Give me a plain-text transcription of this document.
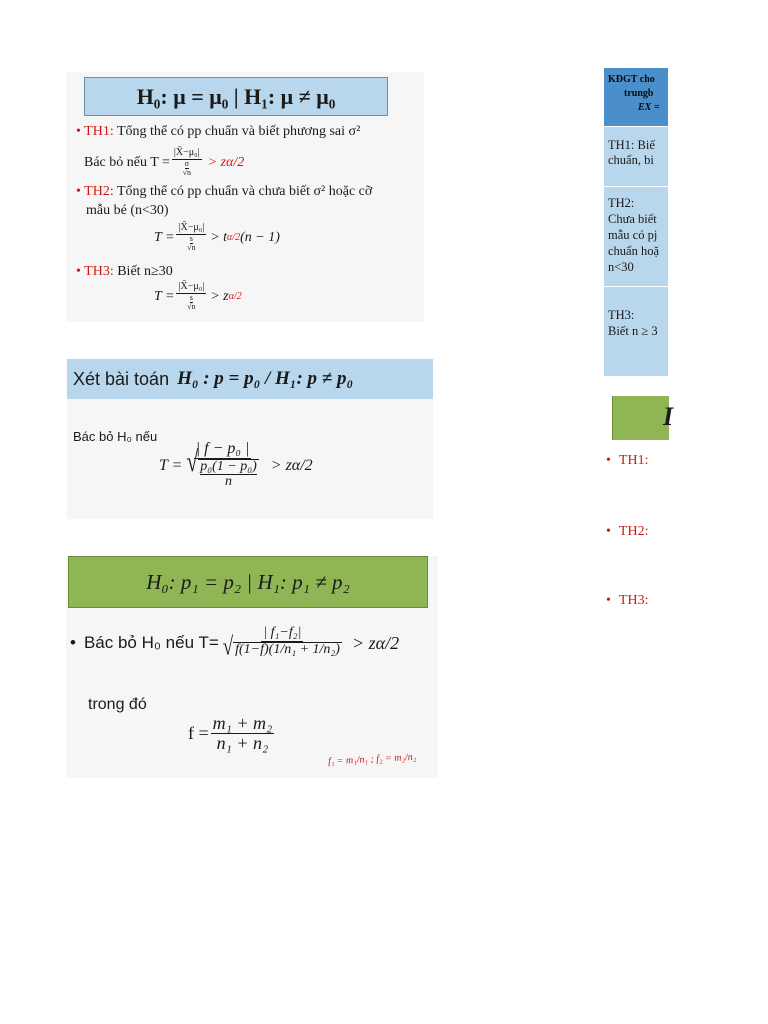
H₀: μ = μ₀ | H₁: μ ≠ μ₀
• TH1: Tổng thể có pp chuẩn và biết phương sai σ²
Bác bỏ nếu T = |X̄−μ₀|
σ
√n > zα/2
• TH2: Tổng thể có pp chuẩn và chưa biết σ² hoặc cỡ
mẫu bé (n<30)
T = |X̄−μ₀|
s
√n > t α/2 (n − 1)
• TH3: Biết n≥30
T = |X̄−μ₀|
s
√n > z α/2
Xét bài toán H₀ : p = p₀ / H₁: p ≠ p₀
Bác bỏ H₀ nếu
$T = \frac{\text{| f − p₀ |}}{√ \frac{\text{p₀(1 − p₀)}}{n}} > z\alpha/2$
H₀: p₁ = p₂ | H₁: p₁ ≠ p₂
• Bác bỏ H₀ nếu $T= \frac{\text{| f₁−f₂|}}{\text{√ f(1−f)(1/n₁ + 1/n₂)}} > z\alpha/2$
trong đó
$f = \frac{\text{m₁ + m₂}}{\text{n₁ + n₂}}$
f₁ = m₁/n₁ ; f₂ = m₂/n₂
KĐGT cho
trungb
EX =
TH1: Biế
chuẩn, bi
TH2:
Chưa biết
mẫu có pj
chuẩn hoặ
n<30
TH3:
Biết n ≥ 3
I
• TH1:
• TH2:
• TH3:
